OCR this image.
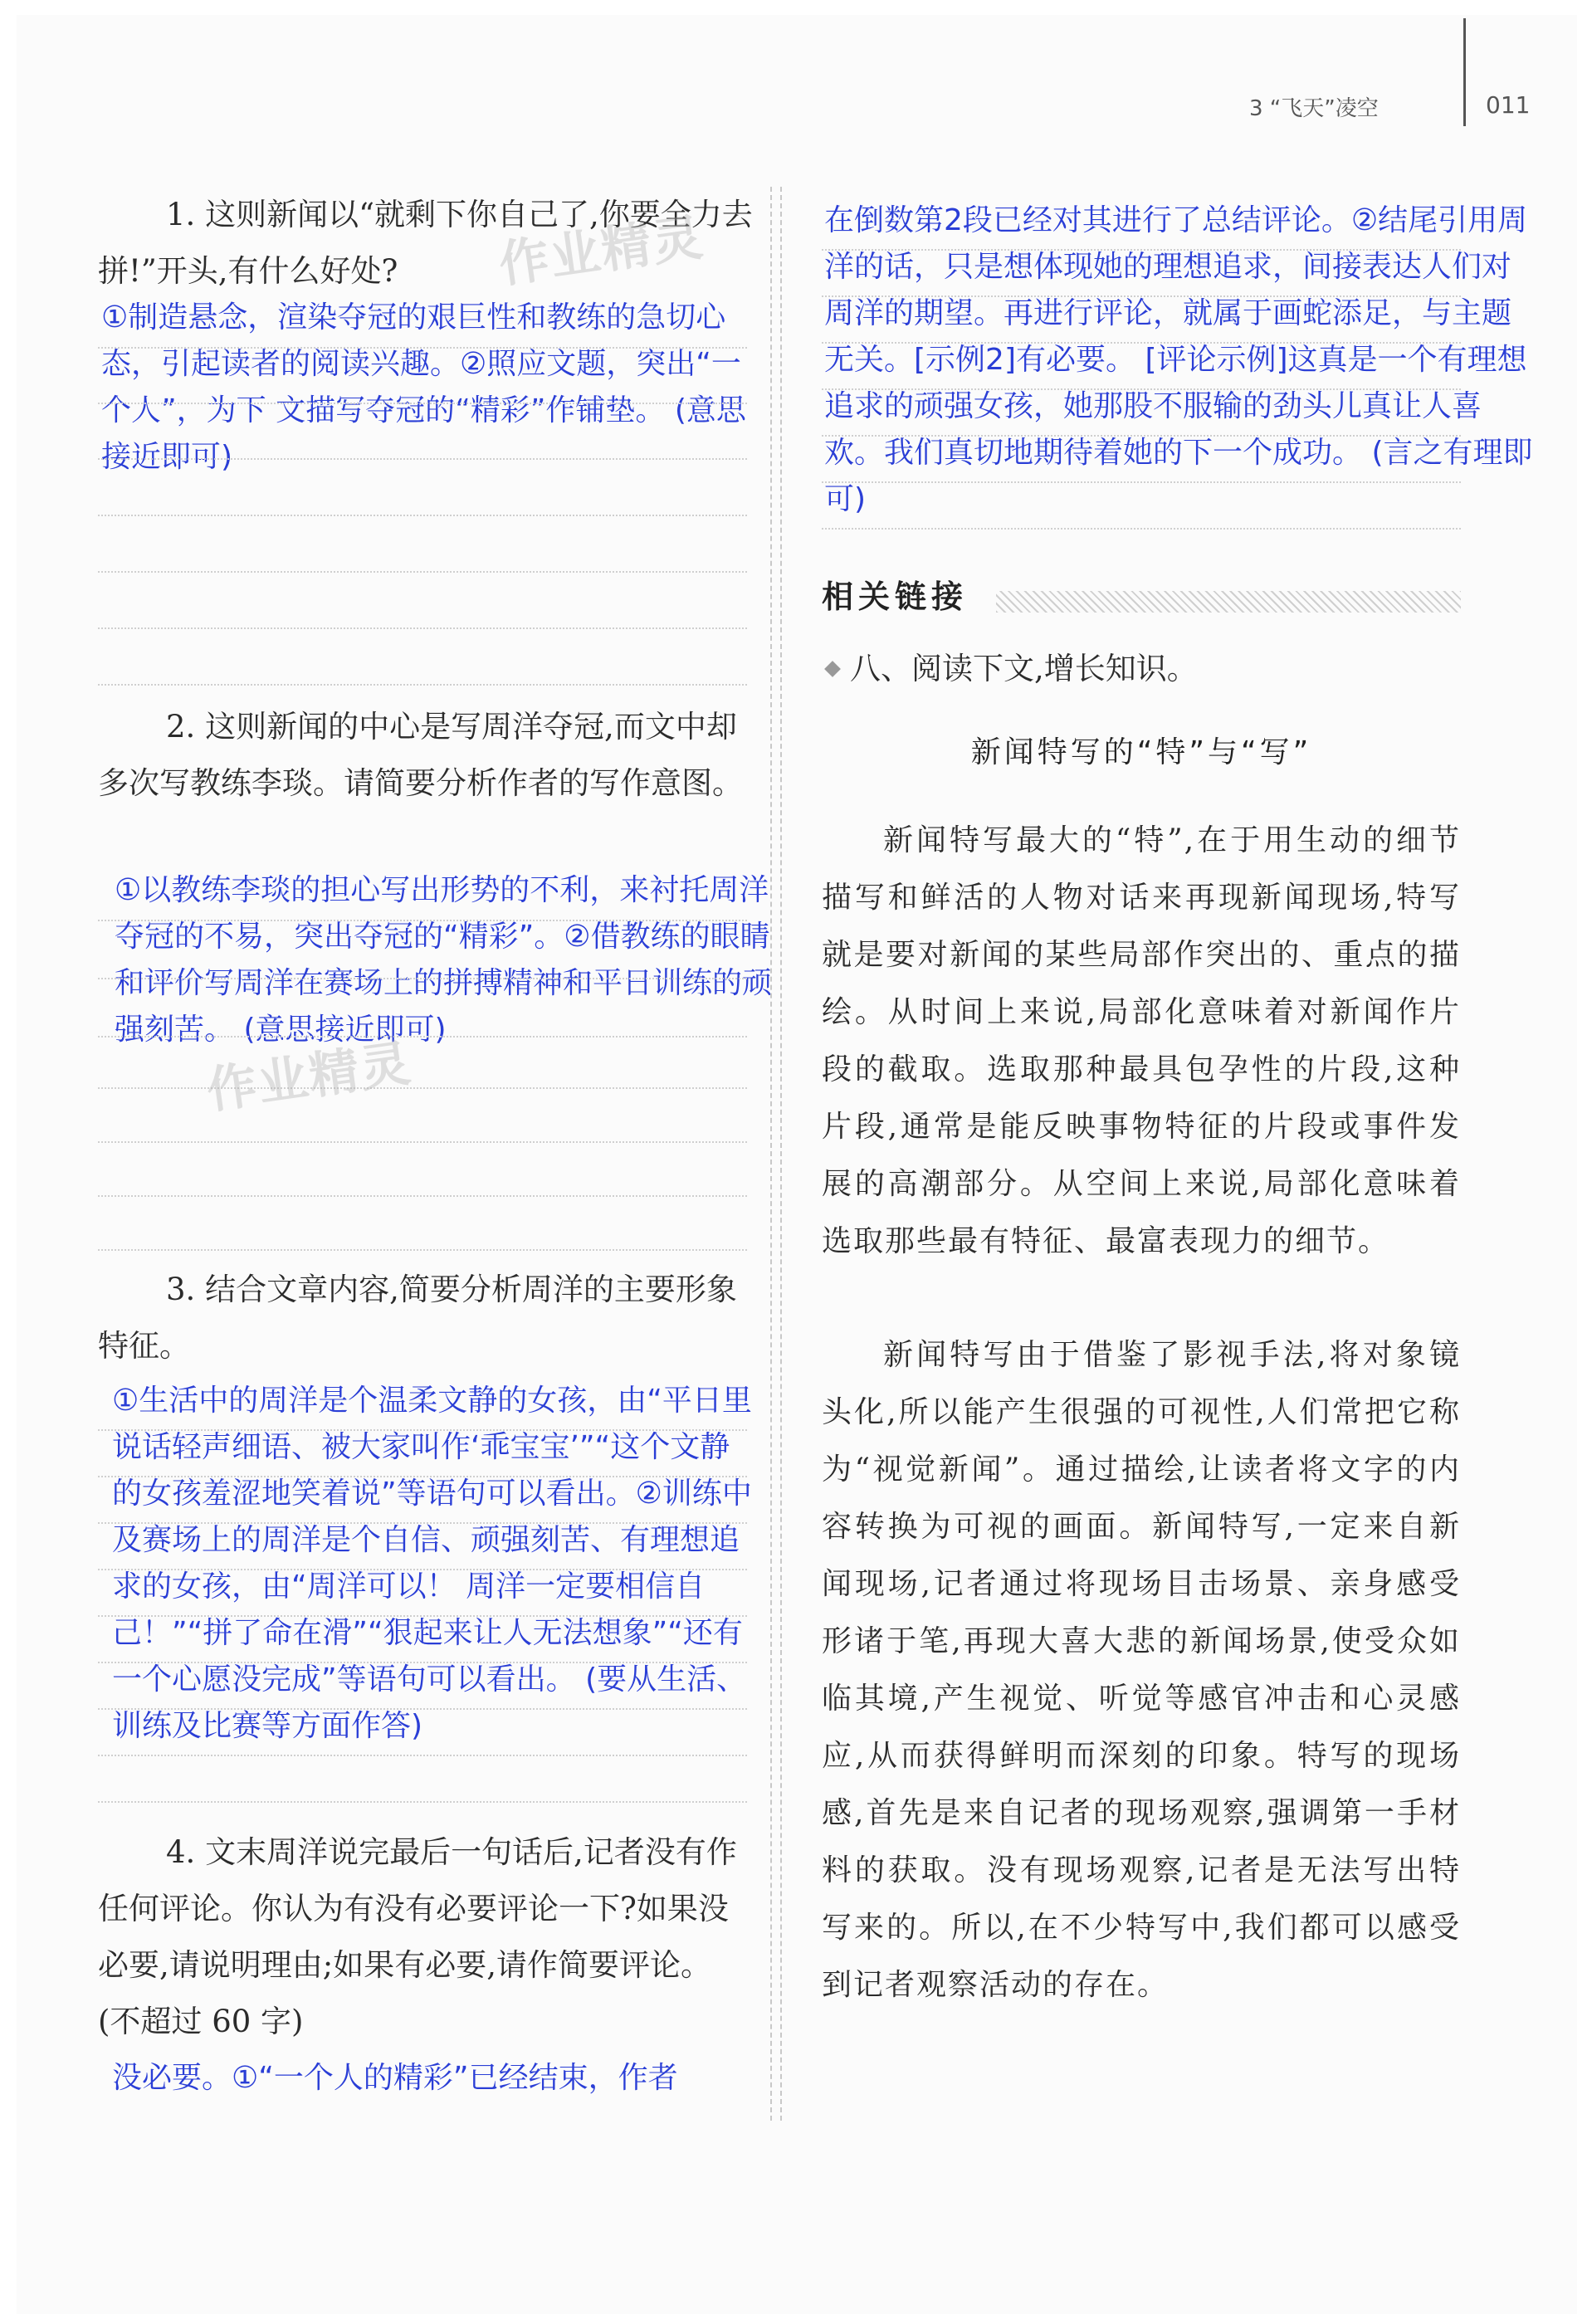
3 “飞天”凌空	011
1. 这则新闻以“就剩下你自己了,你要全力去拼!”开头,有什么好处?
①制造悬念，渲染夺冠的艰巨性和教练的急切心态，引起读者的阅读兴趣。②照应文题，突出“一个人”，为下 文描写夺冠的“精彩”作铺垫。 (意思接近即可)
作业精灵
2. 这则新闻的中心是写周洋夺冠,而文中却多次写教练李琰。请简要分析作者的写作意图。
①以教练李琰的担心写出形势的不利，来衬托周洋夺冠的不易，突出夺冠的“精彩”。②借教练的眼睛和评价写周洋在赛场上的拼搏精神和平日训练的顽强刻苦。 (意思接近即可)
作业精灵
3. 结合文章内容,简要分析周洋的主要形象特征。
①生活中的周洋是个温柔文静的女孩，由“平日里说话轻声细语、被大家叫作‘乖宝宝’”“这个文静的女孩羞涩地笑着说”等语句可以看出。②训练中及赛场上的周洋是个自信、顽强刻苦、有理想追求的女孩，由“周洋可以！ 周洋一定要相信自己！”“拼了命在滑”“狠起来让人无法想象”“还有一个心愿没完成”等语句可以看出。 (要从生活、训练及比赛等方面作答)
4. 文末周洋说完最后一句话后,记者没有作任何评论。你认为有没有必要评论一下?如果没必要,请说明理由;如果有必要,请作简要评论。(不超过 60 字)
没必要。①“一个人的精彩”已经结束，作者
在倒数第2段已经对其进行了总结评论。②结尾引用周洋的话，只是想体现她的理想追求，间接表达人们对周洋的期望。再进行评论，就属于画蛇添足，与主题无关。[示例2]有必要。 [评论示例]这真是一个有理想追求的顽强女孩，她那股不服输的劲头儿真让人喜欢。我们真切地期待着她的下一个成功。 (言之有理即可)
相关链接
八、阅读下文,增长知识。
新闻特写的“特”与“写”
新闻特写最大的“特”,在于用生动的细节描写和鲜活的人物对话来再现新闻现场,特写就是要对新闻的某些局部作突出的、重点的描绘。从时间上来说,局部化意味着对新闻作片段的截取。选取那种最具包孕性的片段,这种片段,通常是能反映事物特征的片段或事件发展的高潮部分。从空间上来说,局部化意味着选取那些最有特征、最富表现力的细节。
新闻特写由于借鉴了影视手法,将对象镜头化,所以能产生很强的可视性,人们常把它称为“视觉新闻”。通过描绘,让读者将文字的内容转换为可视的画面。新闻特写,一定来自新闻现场,记者通过将现场目击场景、亲身感受形诸于笔,再现大喜大悲的新闻场景,使受众如临其境,产生视觉、听觉等感官冲击和心灵感应,从而获得鲜明而深刻的印象。特写的现场感,首先是来自记者的现场观察,强调第一手材料的获取。没有现场观察,记者是无法写出特写来的。所以,在不少特写中,我们都可以感受到记者观察活动的存在。
